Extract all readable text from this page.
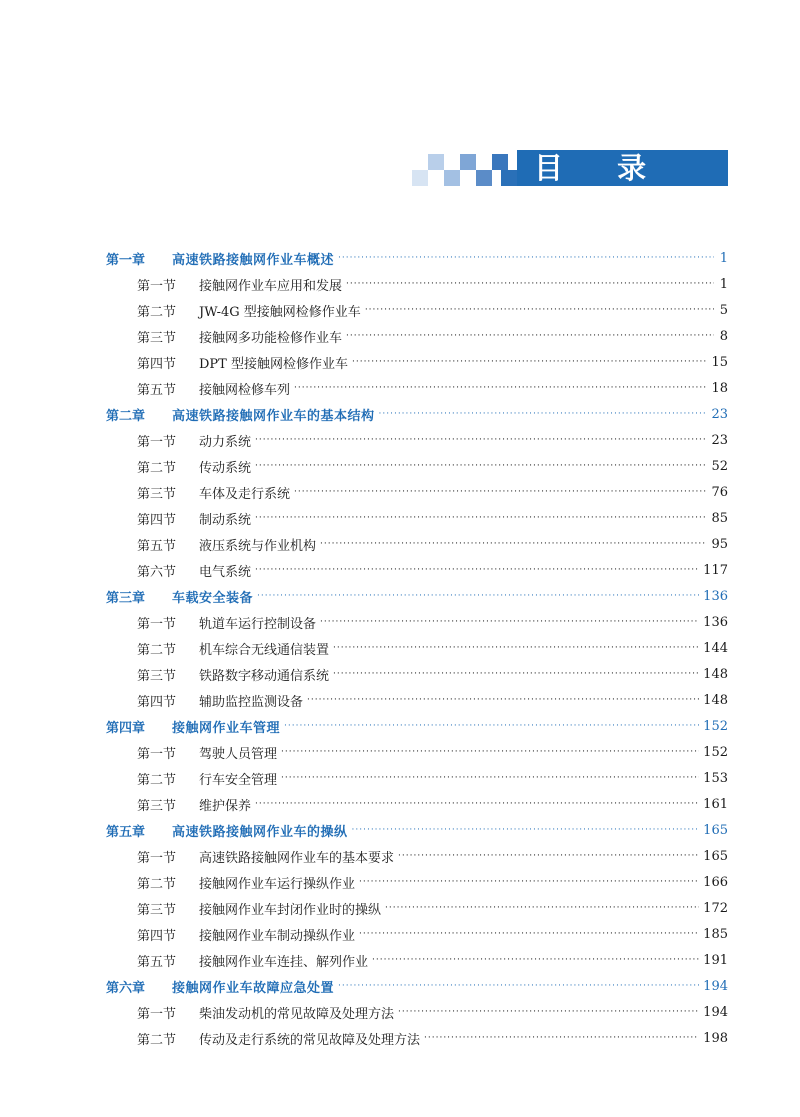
目 录
第一章	高速铁路接触网作业车概述 ·····	1
第一节	接触网作业车应用和发展 ·····	1
第二节	JW-4G 型接触网检修作业车 ·····	5
第三节	接触网多功能检修作业车 ·····	8
第四节	DPT 型接触网检修作业车 ·····	15
第五节	接触网检修车列 ·····	18
第二章	高速铁路接触网作业车的基本结构 ·····	23
第一节	动力系统 ·····	23
第二节	传动系统 ·····	52
第三节	车体及走行系统 ·····	76
第四节	制动系统 ·····	85
第五节	液压系统与作业机构 ·····	95
第六节	电气系统 ·····	117
第三章	车载安全装备 ·····	136
第一节	轨道车运行控制设备 ·····	136
第二节	机车综合无线通信装置 ·····	144
第三节	铁路数字移动通信系统 ·····	148
第四节	辅助监控监测设备 ·····	148
第四章	接触网作业车管理 ·····	152
第一节	驾驶人员管理 ·····	152
第二节	行车安全管理 ·····	153
第三节	维护保养 ·····	161
第五章	高速铁路接触网作业车的操纵 ·····	165
第一节	高速铁路接触网作业车的基本要求 ·····	165
第二节	接触网作业车运行操纵作业 ·····	166
第三节	接触网作业车封闭作业时的操纵 ·····	172
第四节	接触网作业车制动操纵作业 ·····	185
第五节	接触网作业车连挂、解列作业 ·····	191
第六章	接触网作业车故障应急处置 ·····	194
第一节	柴油发动机的常见故障及处理方法 ·····	194
第二节	传动及走行系统的常见故障及处理方法 ·····	198
